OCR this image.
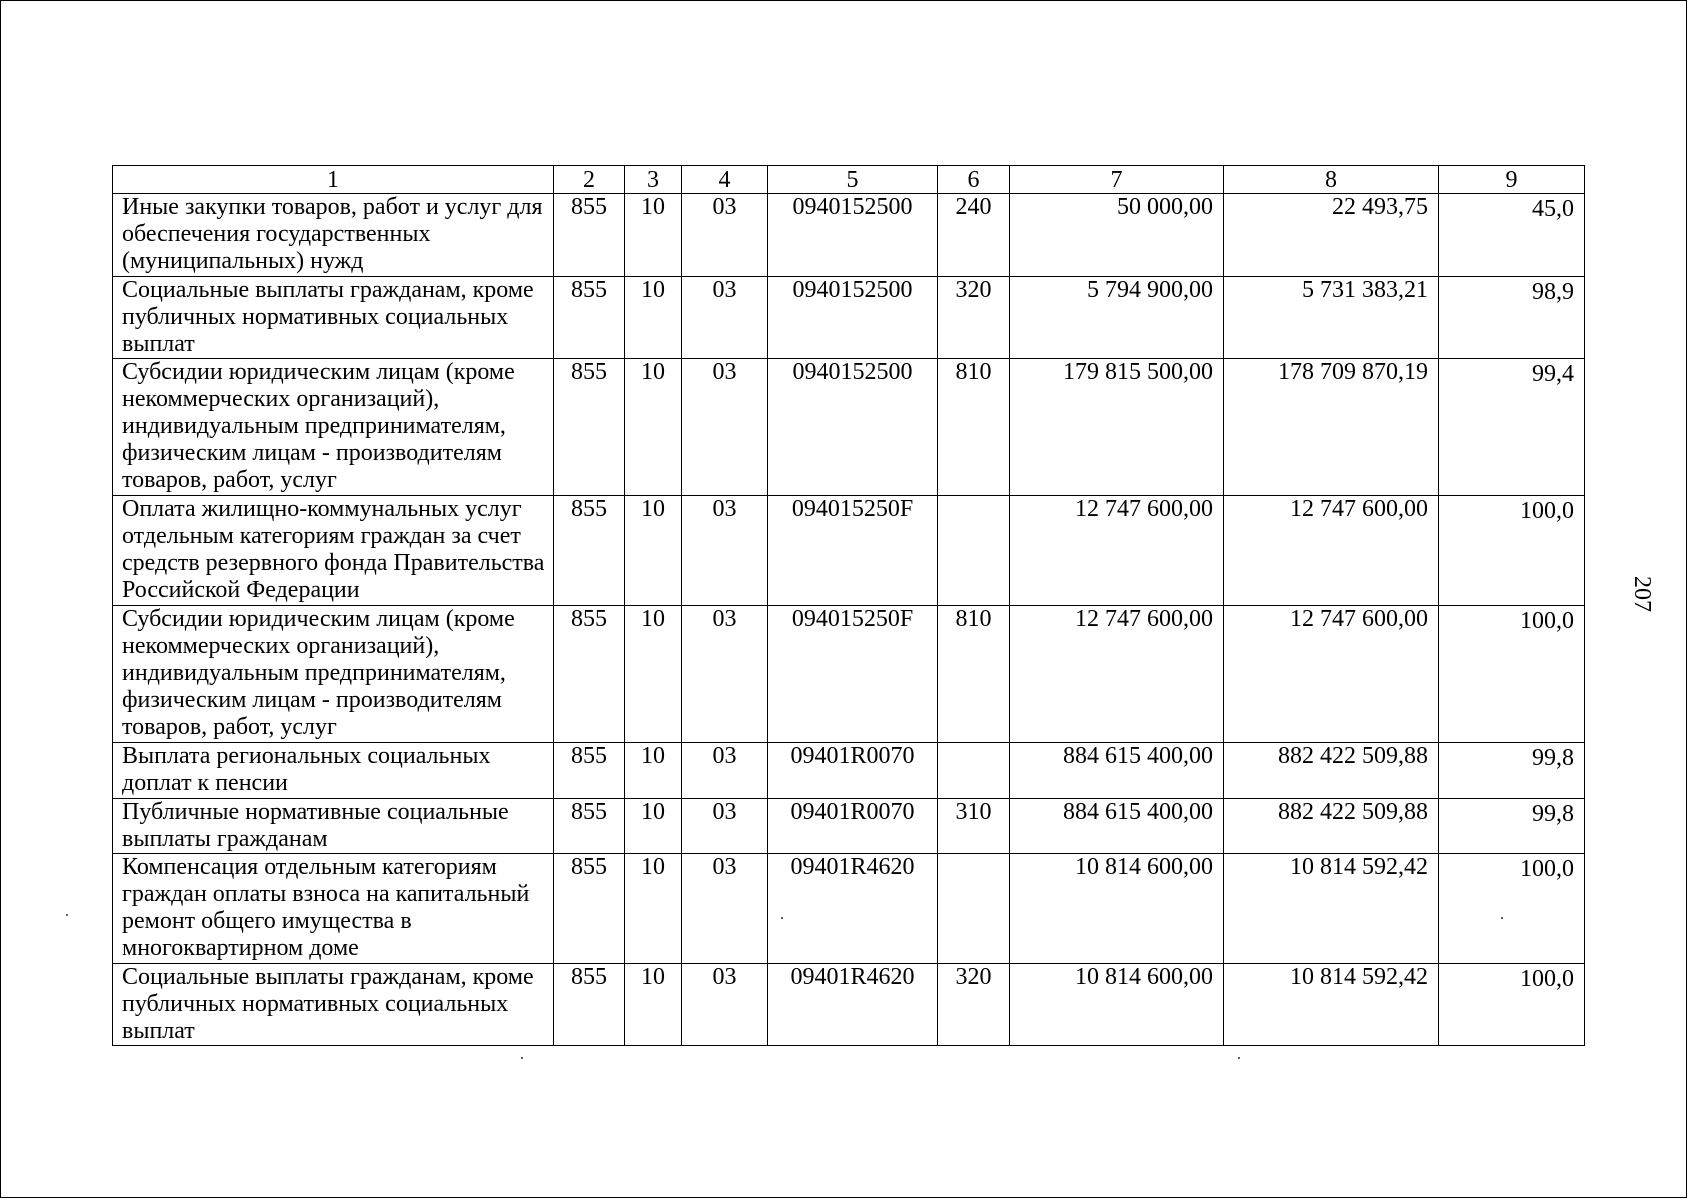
1	2	3	4	5	6	7	8	9
Иные закупки товаров, работ и услуг для обеспечения государственных (муниципальных) нужд	855	10	03	0940152500	240	50 000,00	22 493,75	45,0
Социальные выплаты гражданам, кроме публичных нормативных социальных выплат	855	10	03	0940152500	320	5 794 900,00	5 731 383,21	98,9
Субсидии юридическим лицам (кроме некоммерческих организаций), индивидуальным предпринимателям, физическим лицам - производителям товаров, работ, услуг	855	10	03	0940152500	810	179 815 500,00	178 709 870,19	99,4
Оплата жилищно-коммунальных услуг отдельным категориям граждан за счет средств резервного фонда Правительства Российской Федерации	855	10	03	094015250F		12 747 600,00	12 747 600,00	100,0
Субсидии юридическим лицам (кроме некоммерческих организаций), индивидуальным предпринимателям, физическим лицам - производителям товаров, работ, услуг	855	10	03	094015250F	810	12 747 600,00	12 747 600,00	100,0
Выплата региональных социальных доплат к пенсии	855	10	03	09401R0070		884 615 400,00	882 422 509,88	99,8
Публичные нормативные социальные выплаты гражданам	855	10	03	09401R0070	310	884 615 400,00	882 422 509,88	99,8
Компенсация отдельным категориям граждан оплаты взноса на капитальный ремонт общего имущества в многоквартирном доме	855	10	03	09401R4620		10 814 600,00	10 814 592,42	100,0
Социальные выплаты гражданам, кроме публичных нормативных социальных выплат	855	10	03	09401R4620	320	10 814 600,00	10 814 592,42	100,0
207
